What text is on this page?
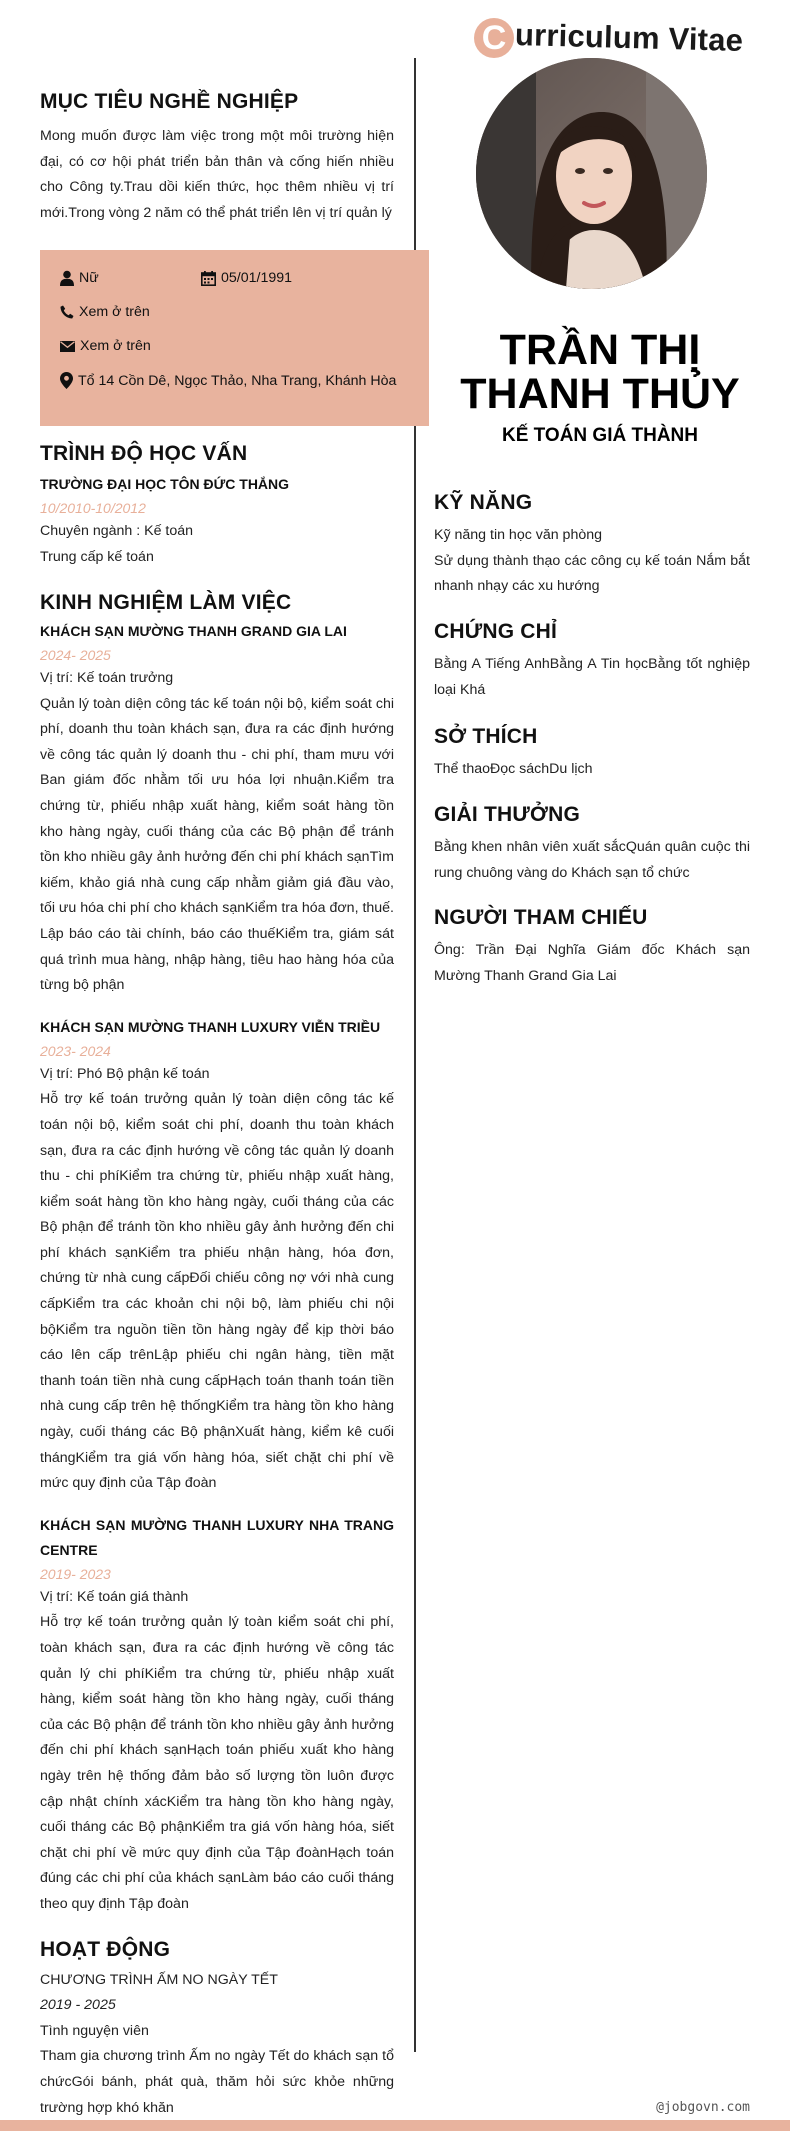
C urriculum Vitae
MỤC TIÊU NGHỀ NGHIỆP
Mong muốn được làm việc trong một môi trường hiện đại, có cơ hội phát triển bản thân và cống hiến nhiều cho Công ty.Trau dồi kiến thức, học thêm nhiều vị trí mới.Trong vòng 2 năm có thể phát triển lên vị trí quản lý
Nữ	05/01/1991
Xem ở trên
Xem ở trên
Tổ 14 Cồn Dê, Ngọc Thảo, Nha Trang, Khánh Hòa
TRÌNH ĐỘ HỌC VẤN
TRƯỜNG ĐẠI HỌC TÔN ĐỨC THẮNG
10/2010-10/2012
Chuyên ngành : Kế toán
Trung cấp kế toán
KINH NGHIỆM LÀM VIỆC
KHÁCH SẠN MƯỜNG THANH GRAND GIA LAI
2024- 2025
Vị trí: Kế toán trưởng
Quản lý toàn diện công tác kế toán nội bộ, kiểm soát chi phí, doanh thu toàn khách sạn, đưa ra các định hướng về công tác quản lý doanh thu - chi phí, tham mưu với Ban giám đốc nhằm tối ưu hóa lợi nhuận.Kiểm tra chứng từ, phiếu nhập xuất hàng, kiểm soát hàng tồn kho hàng ngày, cuối tháng của các Bộ phận để tránh tồn kho nhiều gây ảnh hưởng đến chi phí khách sạnTìm kiếm, khảo giá nhà cung cấp nhằm giảm giá đầu vào, tối ưu hóa chi phí cho khách sạnKiểm tra hóa đơn, thuế. Lập báo cáo tài chính, báo cáo thuếKiểm tra, giám sát quá trình mua hàng, nhập hàng, tiêu hao hàng hóa của từng bộ phận
KHÁCH SẠN MƯỜNG THANH LUXURY VIỄN TRIỀU
2023- 2024
Vị trí: Phó Bộ phận kế toán
Hỗ trợ kế toán trưởng quản lý toàn diện công tác kế toán nội bộ, kiểm soát chi phí, doanh thu toàn khách sạn, đưa ra các định hướng về công tác quản lý doanh thu - chi phíKiểm tra chứng từ, phiếu nhập xuất hàng, kiểm soát hàng tồn kho hàng ngày, cuối tháng của các Bộ phận để tránh tồn kho nhiều gây ảnh hưởng đến chi phí khách sạnKiểm tra phiếu nhận hàng, hóa đơn, chứng từ nhà cung cấpĐối chiếu công nợ với nhà cung cấpKiểm tra các khoản chi nội bộ, làm phiếu chi nội bộKiểm tra nguồn tiền tồn hàng ngày để kịp thời báo cáo lên cấp trênLập phiếu chi ngân hàng, tiền mặt thanh toán tiền nhà cung cấpHạch toán thanh toán tiền nhà cung cấp trên hệ thốngKiểm tra hàng tồn kho hàng ngày, cuối tháng các Bộ phậnXuất hàng, kiểm kê cuối thángKiểm tra giá vốn hàng hóa, siết chặt chi phí về mức quy định của Tập đoàn
KHÁCH SẠN MƯỜNG THANH LUXURY NHA TRANG CENTRE
2019- 2023
Vị trí: Kế toán giá thành
Hỗ trợ kế toán trưởng quản lý toàn kiểm soát chi phí, toàn khách sạn, đưa ra các định hướng về công tác quản lý chi phíKiểm tra chứng từ, phiếu nhập xuất hàng, kiểm soát hàng tồn kho hàng ngày, cuối tháng của các Bộ phận để tránh tồn kho nhiều gây ảnh hưởng đến chi phí khách sạnHạch toán phiếu xuất kho hàng ngày trên hệ thống đảm bảo số lượng tồn luôn được cập nhật chính xácKiểm tra hàng tồn kho hàng ngày, cuối tháng các Bộ phậnKiểm tra giá vốn hàng hóa, siết chặt chi phí về mức quy định của Tập đoànHạch toán đúng các chi phí của khách sạnLàm báo cáo cuối tháng theo quy định Tập đoàn
HOẠT ĐỘNG
CHƯƠNG TRÌNH ẤM NO NGÀY TẾT
2019 - 2025
Tình nguyện viên
Tham gia chương trình Ấm no ngày Tết do khách sạn tổ chứcGói bánh, phát quà, thăm hỏi sức khỏe những trường hợp khó khăn
TRẦN THỊ
THANH THỦY
KẾ TOÁN GIÁ THÀNH
KỸ NĂNG
Kỹ năng tin học văn phòng
Sử dụng thành thạo các công cụ kế toán Nắm bắt nhanh nhạy các xu hướng
CHỨNG CHỈ
Bằng A Tiếng AnhBằng A Tin họcBằng tốt nghiệp loại Khá
SỞ THÍCH
Thể thaoĐọc sáchDu lịch
GIẢI THƯỞNG
Bằng khen nhân viên xuất sắcQuán quân cuộc thi rung chuông vàng do Khách sạn tổ chức
NGƯỜI THAM CHIẾU
Ông: Trần Đại Nghĩa Giám đốc Khách sạn Mường Thanh Grand Gia Lai
@jobgovn.com
